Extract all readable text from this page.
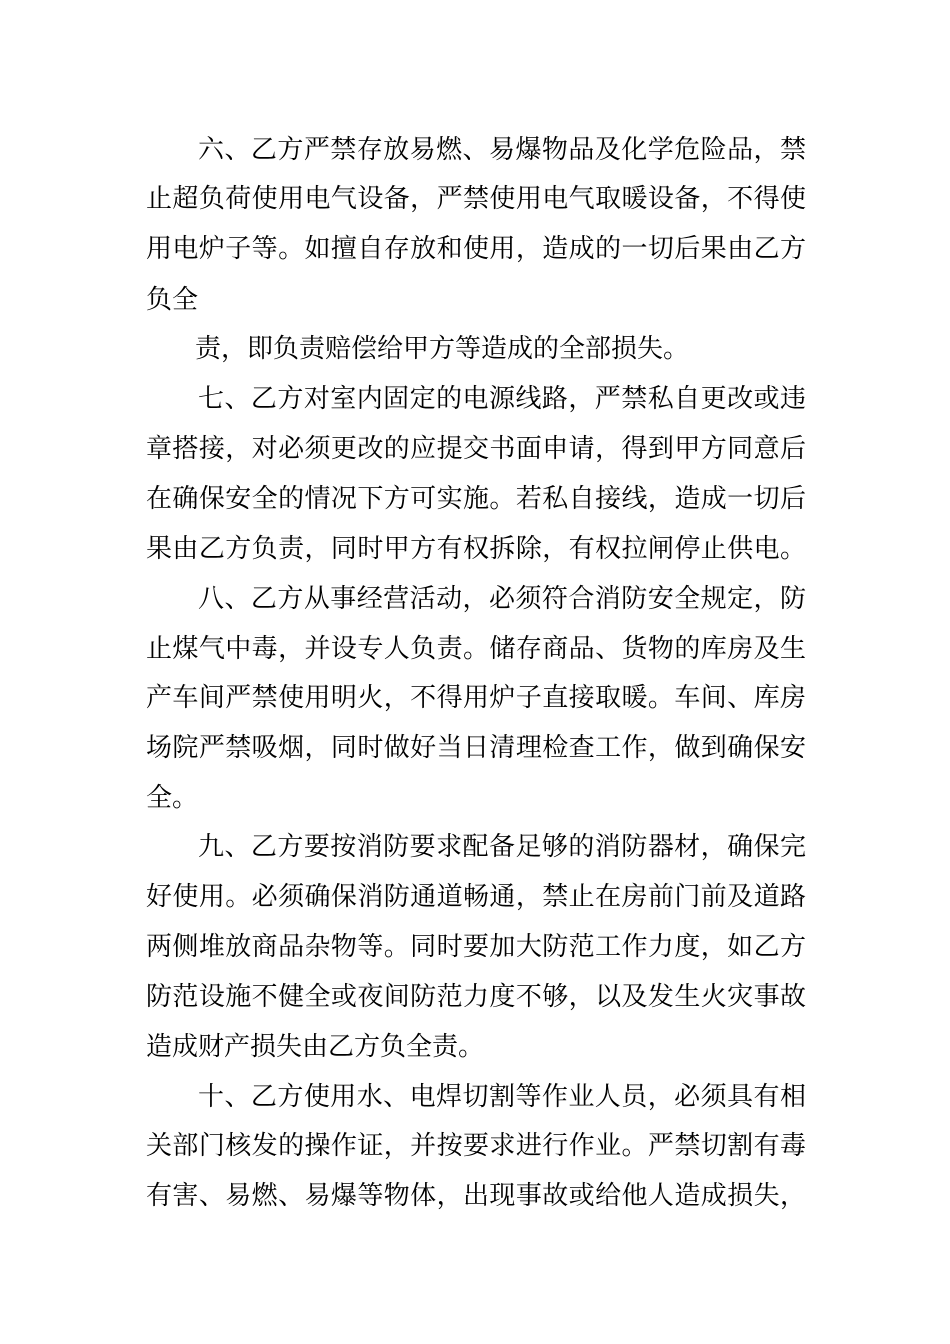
六、乙方严禁存放易燃、易爆物品及化学危险品，禁
止超负荷使用电气设备，严禁使用电气取暖设备，不得使
用电炉子等。如擅自存放和使用，造成的一切后果由乙方
负全
责，即负责赔偿给甲方等造成的全部损失。
七、乙方对室内固定的电源线路，严禁私自更改或违
章搭接，对必须更改的应提交书面申请，得到甲方同意后
在确保安全的情况下方可实施。若私自接线，造成一切后
果由乙方负责，同时甲方有权拆除，有权拉闸停止供电。
八、乙方从事经营活动，必须符合消防安全规定，防
止煤气中毒，并设专人负责。储存商品、货物的库房及生
产车间严禁使用明火，不得用炉子直接取暖。车间、库房
场院严禁吸烟，同时做好当日清理检查工作，做到确保安
全。
九、乙方要按消防要求配备足够的消防器材，确保完
好使用。必须确保消防通道畅通，禁止在房前门前及道路
两侧堆放商品杂物等。同时要加大防范工作力度，如乙方
防范设施不健全或夜间防范力度不够，以及发生火灾事故
造成财产损失由乙方负全责。
十、乙方使用水、电焊切割等作业人员，必须具有相
关部门核发的操作证，并按要求进行作业。严禁切割有毒
有害、易燃、易爆等物体，出现事故或给他人造成损失，
